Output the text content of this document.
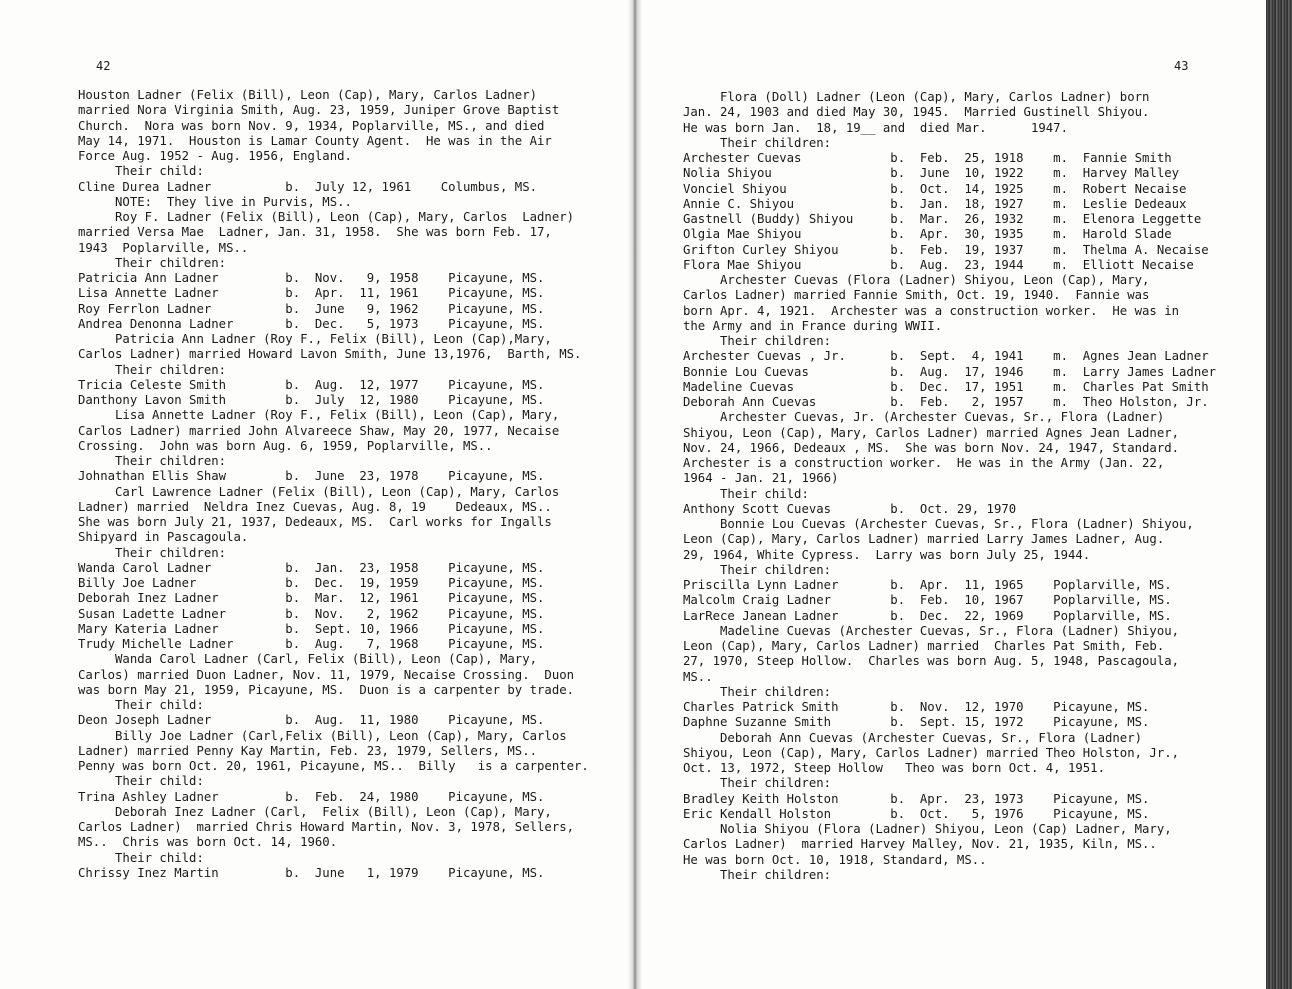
42
Houston Ladner (Felix (Bill), Leon (Cap), Mary, Carlos Ladner)
married Nora Virginia Smith, Aug. 23, 1959, Juniper Grove Baptist
Church.  Nora was born Nov. 9, 1934, Poplarville, MS., and died
May 14, 1971.  Houston is Lamar County Agent.  He was in the Air
Force Aug. 1952 - Aug. 1956, England.
Their child:
Cline Durea Ladner          b.  July 12, 1961    Columbus, MS.
NOTE:  They live in Purvis, MS..
Roy F. Ladner (Felix (Bill), Leon (Cap), Mary, Carlos  Ladner)
married Versa Mae  Ladner, Jan. 31, 1958.  She was born Feb. 17,
1943  Poplarville, MS..
Their children:
Patricia Ann Ladner         b.  Nov.   9, 1958    Picayune, MS.
Lisa Annette Ladner         b.  Apr.  11, 1961    Picayune, MS.
Roy Ferrlon Ladner          b.  June   9, 1962    Picayune, MS.
Andrea Denonna Ladner       b.  Dec.   5, 1973    Picayune, MS.
Patricia Ann Ladner (Roy F., Felix (Bill), Leon (Cap),Mary,
Carlos Ladner) married Howard Lavon Smith, June 13,1976,  Barth, MS.
Their children:
Tricia Celeste Smith        b.  Aug.  12, 1977    Picayune, MS.
Danthony Lavon Smith        b.  July  12, 1980    Picayune, MS.
Lisa Annette Ladner (Roy F., Felix (Bill), Leon (Cap), Mary,
Carlos Ladner) married John Alvareece Shaw, May 20, 1977, Necaise
Crossing.  John was born Aug. 6, 1959, Poplarville, MS..
Their children:
Johnathan Ellis Shaw        b.  June  23, 1978    Picayune, MS.
Carl Lawrence Ladner (Felix (Bill), Leon (Cap), Mary, Carlos
Ladner) married  Neldra Inez Cuevas, Aug. 8, 19    Dedeaux, MS..
She was born July 21, 1937, Dedeaux, MS.  Carl works for Ingalls
Shipyard in Pascagoula.
Their children:
Wanda Carol Ladner          b.  Jan.  23, 1958    Picayune, MS.
Billy Joe Ladner            b.  Dec.  19, 1959    Picayune, MS.
Deborah Inez Ladner         b.  Mar.  12, 1961    Picayune, MS.
Susan Ladette Ladner        b.  Nov.   2, 1962    Picayune, MS.
Mary Kateria Ladner         b.  Sept. 10, 1966    Picayune, MS.
Trudy Michelle Ladner       b.  Aug.   7, 1968    Picayune, MS.
Wanda Carol Ladner (Carl, Felix (Bill), Leon (Cap), Mary,
Carlos) married Duon Ladner, Nov. 11, 1979, Necaise Crossing.  Duon
was born May 21, 1959, Picayune, MS.  Duon is a carpenter by trade.
Their child:
Deon Joseph Ladner          b.  Aug.  11, 1980    Picayune, MS.
Billy Joe Ladner (Carl,Felix (Bill), Leon (Cap), Mary, Carlos
Ladner) married Penny Kay Martin, Feb. 23, 1979, Sellers, MS..
Penny was born Oct. 20, 1961, Picayune, MS..  Billy   is a carpenter.
Their child:
Trina Ashley Ladner         b.  Feb.  24, 1980    Picayune, MS.
Deborah Inez Ladner (Carl,  Felix (Bill), Leon (Cap), Mary,
Carlos Ladner)  married Chris Howard Martin, Nov. 3, 1978, Sellers,
MS..  Chris was born Oct. 14, 1960.
Their child:
Chrissy Inez Martin         b.  June   1, 1979    Picayune, MS.
43
Flora (Doll) Ladner (Leon (Cap), Mary, Carlos Ladner) born
Jan. 24, 1903 and died May 30, 1945.  Married Gustinell Shiyou.
He was born Jan.  18, 19__ and  died Mar.      1947.
Their children:
Archester Cuevas            b.  Feb.  25, 1918    m.  Fannie Smith
Nolia Shiyou                b.  June  10, 1922    m.  Harvey Malley
Vonciel Shiyou              b.  Oct.  14, 1925    m.  Robert Necaise
Annie C. Shiyou             b.  Jan.  18, 1927    m.  Leslie Dedeaux
Gastnell (Buddy) Shiyou     b.  Mar.  26, 1932    m.  Elenora Leggette
Olgia Mae Shiyou            b.  Apr.  30, 1935    m.  Harold Slade
Grifton Curley Shiyou       b.  Feb.  19, 1937    m.  Thelma A. Necaise
Flora Mae Shiyou            b.  Aug.  23, 1944    m.  Elliott Necaise
Archester Cuevas (Flora (Ladner) Shiyou, Leon (Cap), Mary,
Carlos Ladner) married Fannie Smith, Oct. 19, 1940.  Fannie was
born Apr. 4, 1921.  Archester was a construction worker.  He was in
the Army and in France during WWII.
Their children:
Archester Cuevas , Jr.      b.  Sept.  4, 1941    m.  Agnes Jean Ladner
Bonnie Lou Cuevas           b.  Aug.  17, 1946    m.  Larry James Ladner
Madeline Cuevas             b.  Dec.  17, 1951    m.  Charles Pat Smith
Deborah Ann Cuevas          b.  Feb.   2, 1957    m.  Theo Holston, Jr.
Archester Cuevas, Jr. (Archester Cuevas, Sr., Flora (Ladner)
Shiyou, Leon (Cap), Mary, Carlos Ladner) married Agnes Jean Ladner,
Nov. 24, 1966, Dedeaux , MS.  She was born Nov. 24, 1947, Standard.
Archester is a construction worker.  He was in the Army (Jan. 22,
1964 - Jan. 21, 1966)
Their child:
Anthony Scott Cuevas        b.  Oct. 29, 1970
Bonnie Lou Cuevas (Archester Cuevas, Sr., Flora (Ladner) Shiyou,
Leon (Cap), Mary, Carlos Ladner) married Larry James Ladner, Aug.
29, 1964, White Cypress.  Larry was born July 25, 1944.
Their children:
Priscilla Lynn Ladner       b.  Apr.  11, 1965    Poplarville, MS.
Malcolm Craig Ladner        b.  Feb.  10, 1967    Poplarville, MS.
LarRece Janean Ladner       b.  Dec.  22, 1969    Poplarville, MS.
Madeline Cuevas (Archester Cuevas, Sr., Flora (Ladner) Shiyou,
Leon (Cap), Mary, Carlos Ladner) married  Charles Pat Smith, Feb.
27, 1970, Steep Hollow.  Charles was born Aug. 5, 1948, Pascagoula,
MS..
Their children:
Charles Patrick Smith       b.  Nov.  12, 1970    Picayune, MS.
Daphne Suzanne Smith        b.  Sept. 15, 1972    Picayune, MS.
Deborah Ann Cuevas (Archester Cuevas, Sr., Flora (Ladner)
Shiyou, Leon (Cap), Mary, Carlos Ladner) married Theo Holston, Jr.,
Oct. 13, 1972, Steep Hollow   Theo was born Oct. 4, 1951.
Their children:
Bradley Keith Holston       b.  Apr.  23, 1973    Picayune, MS.
Eric Kendall Holston        b.  Oct.   5, 1976    Picayune, MS.
Nolia Shiyou (Flora (Ladner) Shiyou, Leon (Cap) Ladner, Mary,
Carlos Ladner)  married Harvey Malley, Nov. 21, 1935, Kiln, MS..
He was born Oct. 10, 1918, Standard, MS..
Their children:
